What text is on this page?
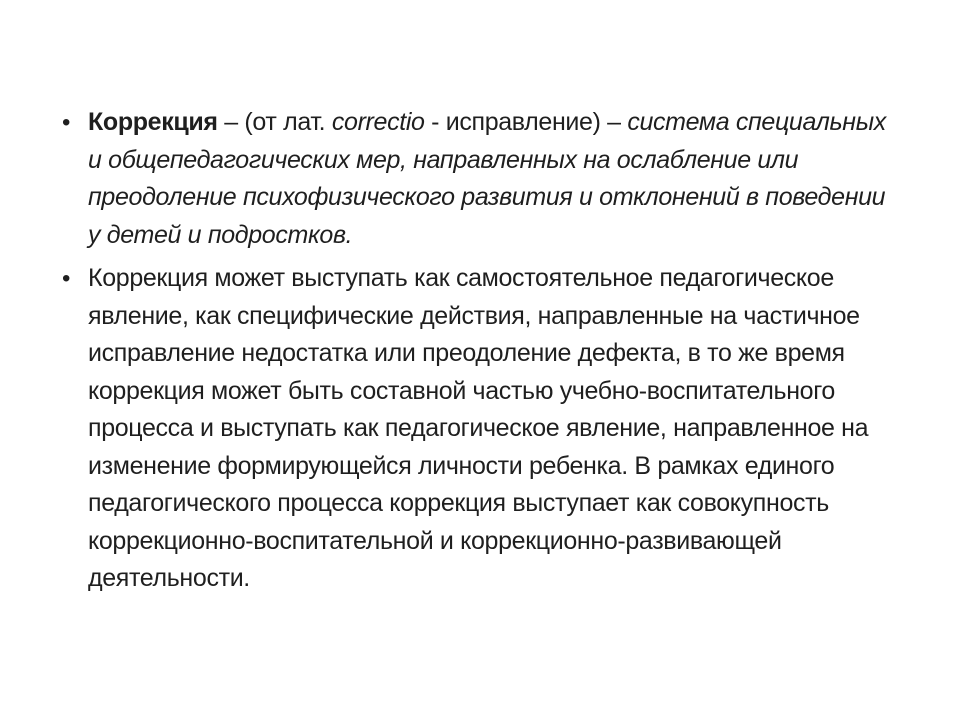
• Коррекция – (от лат. correctio - исправление) – система специальных и общепедагогических мер, направленных на ослабление или преодоление психофизического развития и отклонений в поведении у детей и подростков.
• Коррекция может выступать как самостоятельное педагогическое явление, как специфические действия, направленные на частичное исправление недостатка или преодоление дефекта, в то же время коррекция может быть составной частью учебно-воспитательного процесса и выступать как педагогическое явление, направленное на изменение формирующейся личности ребенка. В рамках единого педагогического процесса коррекция выступает как совокупность коррекционно-воспитательной и коррекционно-развивающей деятельности.
